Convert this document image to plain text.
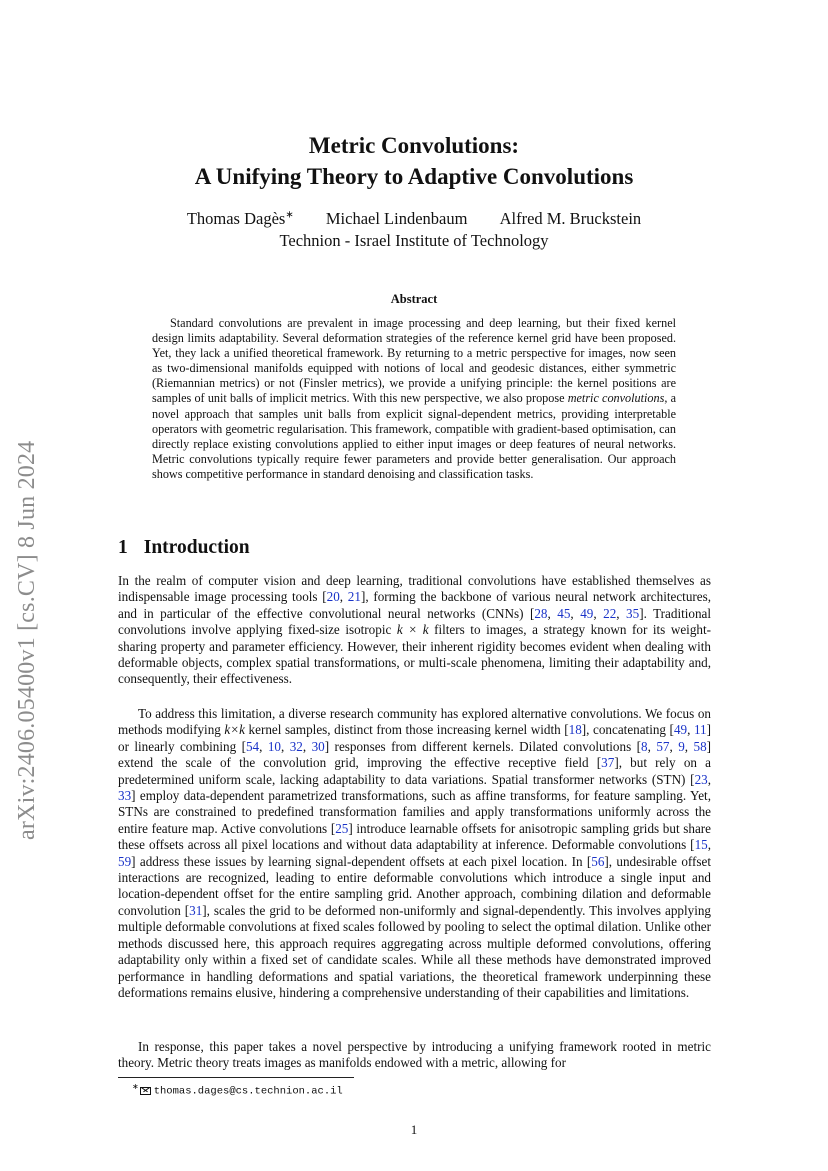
arXiv:2406.05400v1 [cs.CV] 8 Jun 2024
Metric Convolutions:
A Unifying Theory to Adaptive Convolutions
Thomas Dagès∗ Michael Lindenbaum Alfred M. Bruckstein
Technion - Israel Institute of Technology
Abstract
Standard convolutions are prevalent in image processing and deep learning, but their fixed kernel design limits adaptability. Several deformation strategies of the reference kernel grid have been proposed. Yet, they lack a unified theoretical framework. By returning to a metric perspective for images, now seen as two-dimensional manifolds equipped with notions of local and geodesic distances, either symmetric (Riemannian metrics) or not (Finsler metrics), we provide a unifying principle: the kernel positions are samples of unit balls of implicit metrics. With this new perspective, we also propose metric convolutions, a novel approach that samples unit balls from explicit signal-dependent metrics, providing interpretable operators with geometric regularisation. This framework, compatible with gradient-based optimisation, can directly replace existing convolutions applied to either input images or deep features of neural networks. Metric convolutions typically require fewer parameters and provide better generalisation. Our approach shows competitive performance in standard denoising and classification tasks.
1 Introduction
In the realm of computer vision and deep learning, traditional convolutions have established themselves as indispensable image processing tools [20, 21], forming the backbone of various neural network architectures, and in particular of the effective convolutional neural networks (CNNs) [28, 45, 49, 22, 35]. Traditional convolutions involve applying fixed-size isotropic k × k filters to images, a strategy known for its weight-sharing property and parameter efficiency. However, their inherent rigidity becomes evident when dealing with deformable objects, complex spatial transformations, or multi-scale phenomena, limiting their adaptability and, consequently, their effectiveness.
To address this limitation, a diverse research community has explored alternative convolutions. We focus on methods modifying k×k kernel samples, distinct from those increasing kernel width [18], concatenating [49, 11] or linearly combining [54, 10, 32, 30] responses from different kernels. Dilated convolutions [8, 57, 9, 58] extend the scale of the convolution grid, improving the effective receptive field [37], but rely on a predetermined uniform scale, lacking adaptability to data variations. Spatial transformer networks (STN) [23, 33] employ data-dependent parametrized transformations, such as affine transforms, for feature sampling. Yet, STNs are constrained to predefined transformation families and apply transformations uniformly across the entire feature map. Active convolutions [25] introduce learnable offsets for anisotropic sampling grids but share these offsets across all pixel locations and without data adaptability at inference. Deformable convolutions [15, 59] address these issues by learning signal-dependent offsets at each pixel location. In [56], undesirable offset interactions are recognized, leading to entire deformable convolutions which introduce a single input and location-dependent offset for the entire sampling grid. Another approach, combining dilation and deformable convolution [31], scales the grid to be deformed non-uniformly and signal-dependently. This involves applying multiple deformable convolutions at fixed scales followed by pooling to select the optimal dilation. Unlike other methods discussed here, this approach requires aggregating across multiple deformed convolutions, offering adaptability only within a fixed set of candidate scales. While all these methods have demonstrated improved performance in handling deformations and spatial variations, the theoretical framework underpinning these deformations remains elusive, hindering a comprehensive understanding of their capabilities and limitations.
In response, this paper takes a novel perspective by introducing a unifying framework rooted in metric theory. Metric theory treats images as manifolds endowed with a metric, allowing for
∗ thomas.dages@cs.technion.ac.il
1
